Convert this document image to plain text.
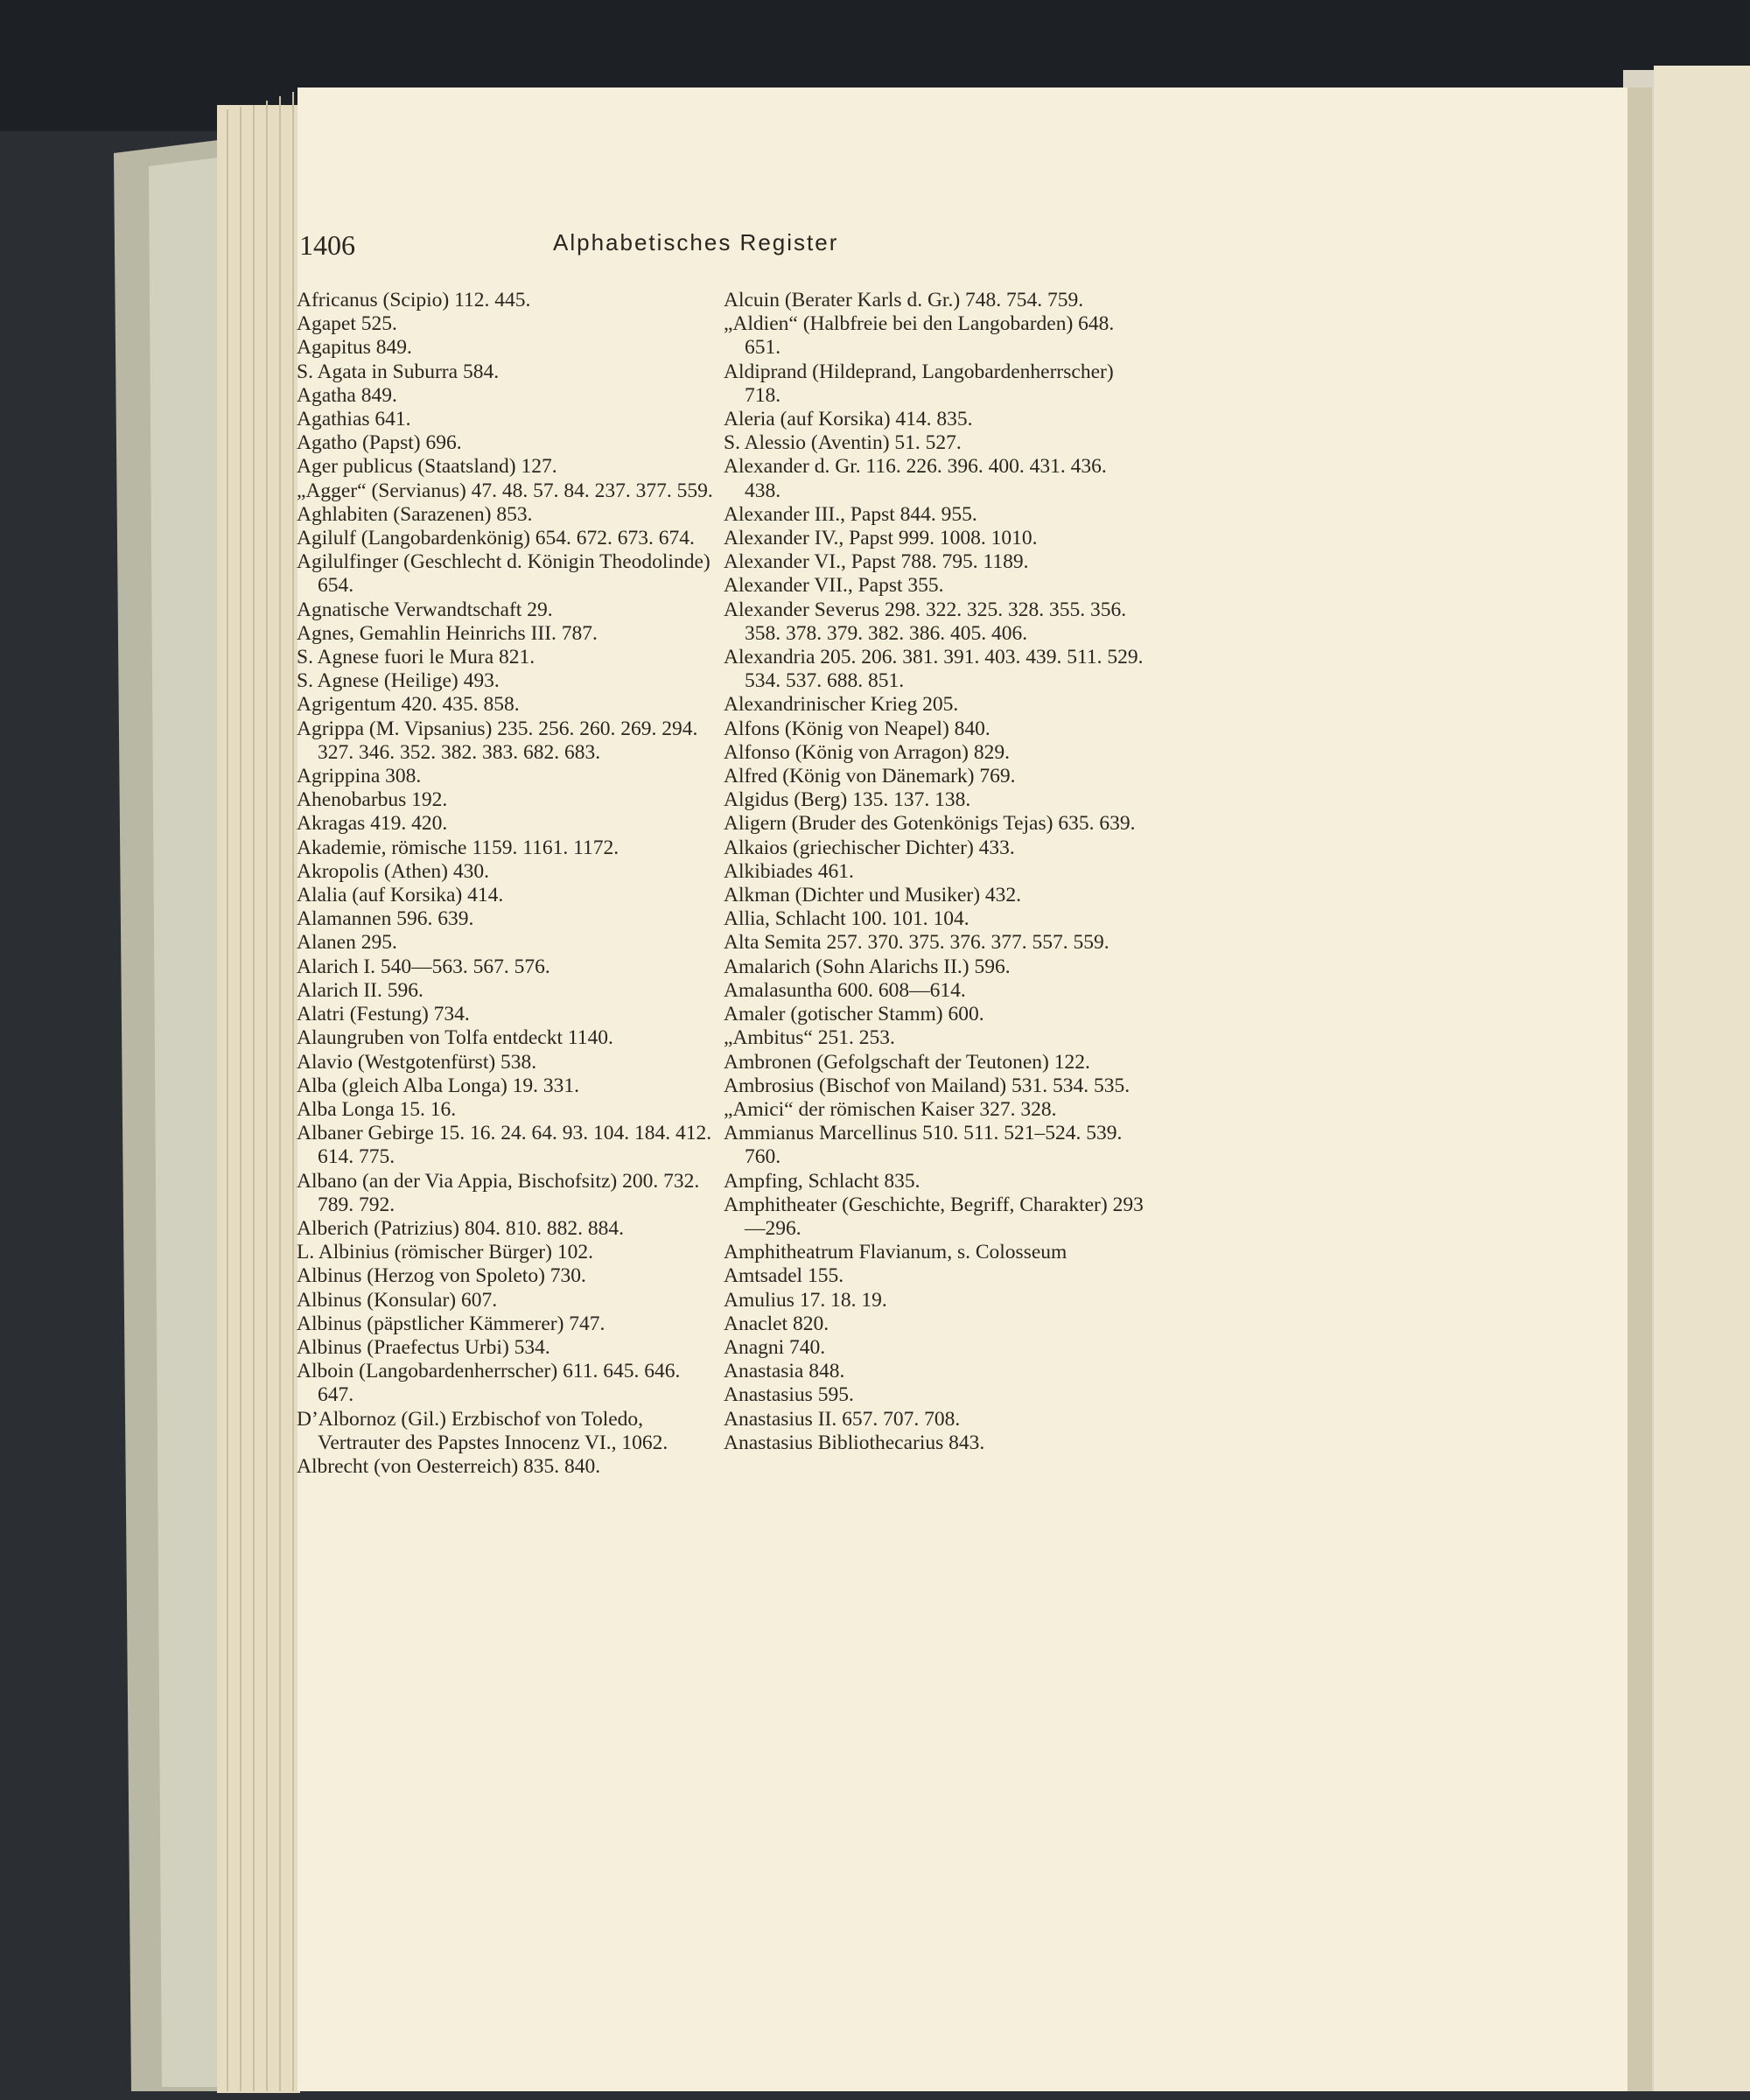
1406	Alphabetisches Register
Africanus (Scipio) 112. 445.
Agapet 525.
Agapitus 849.
S. Agata in Suburra 584.
Agatha 849.
Agathias 641.
Agatho (Papst) 696.
Ager publicus (Staatsland) 127.
„Agger“ (Servianus) 47. 48. 57. 84. 237. 377. 559.
Aghlabiten (Sarazenen) 853.
Agilulf (Langobardenkönig) 654. 672. 673. 674.
Agilulfinger (Geschlecht d. Königin Theodolinde) 654.
Agnatische Verwandtschaft 29.
Agnes, Gemahlin Heinrichs III. 787.
S. Agnese fuori le Mura 821.
S. Agnese (Heilige) 493.
Agrigentum 420. 435. 858.
Agrippa (M. Vipsanius) 235. 256. 260. 269. 294. 327. 346. 352. 382. 383. 682. 683.
Agrippina 308.
Ahenobarbus 192.
Akragas 419. 420.
Akademie, römische 1159. 1161. 1172.
Akropolis (Athen) 430.
Alalia (auf Korsika) 414.
Alamannen 596. 639.
Alanen 295.
Alarich I. 540—563. 567. 576.
Alarich II. 596.
Alatri (Festung) 734.
Alaungruben von Tolfa entdeckt 1140.
Alavio (Westgotenfürst) 538.
Alba (gleich Alba Longa) 19. 331.
Alba Longa 15. 16.
Albaner Gebirge 15. 16. 24. 64. 93. 104. 184. 412. 614. 775.
Albano (an der Via Appia, Bischofsitz) 200. 732. 789. 792.
Alberich (Patrizius) 804. 810. 882. 884.
L. Albinius (römischer Bürger) 102.
Albinus (Herzog von Spoleto) 730.
Albinus (Konsular) 607.
Albinus (päpstlicher Kämmerer) 747.
Albinus (Praefectus Urbi) 534.
Alboin (Langobardenherrscher) 611. 645. 646. 647.
D’Albornoz (Gil.) Erzbischof von Toledo, Vertrauter des Papstes Innocenz VI., 1062.
Albrecht (von Oesterreich) 835. 840.
Alcuin (Berater Karls d. Gr.) 748. 754. 759.
„Aldien“ (Halbfreie bei den Langobarden) 648. 651.
Aldiprand (Hildeprand, Langobardenherrscher) 718.
Aleria (auf Korsika) 414. 835.
S. Alessio (Aventin) 51. 527.
Alexander d. Gr. 116. 226. 396. 400. 431. 436. 438.
Alexander III., Papst 844. 955.
Alexander IV., Papst 999. 1008. 1010.
Alexander VI., Papst 788. 795. 1189.
Alexander VII., Papst 355.
Alexander Severus 298. 322. 325. 328. 355. 356. 358. 378. 379. 382. 386. 405. 406.
Alexandria 205. 206. 381. 391. 403. 439. 511. 529. 534. 537. 688. 851.
Alexandrinischer Krieg 205.
Alfons (König von Neapel) 840.
Alfonso (König von Arragon) 829.
Alfred (König von Dänemark) 769.
Algidus (Berg) 135. 137. 138.
Aligern (Bruder des Gotenkönigs Tejas) 635. 639.
Alkaios (griechischer Dichter) 433.
Alkibiades 461.
Alkman (Dichter und Musiker) 432.
Allia, Schlacht 100. 101. 104.
Alta Semita 257. 370. 375. 376. 377. 557. 559.
Amalarich (Sohn Alarichs II.) 596.
Amalasuntha 600. 608—614.
Amaler (gotischer Stamm) 600.
„Ambitus“ 251. 253.
Ambronen (Gefolgschaft der Teutonen) 122.
Ambrosius (Bischof von Mailand) 531. 534. 535.
„Amici“ der römischen Kaiser 327. 328.
Ammianus Marcellinus 510. 511. 521–524. 539. 760.
Ampfing, Schlacht 835.
Amphitheater (Geschichte, Begriff, Charakter) 293—296.
Amphitheatrum Flavianum, s. Colosseum
Amtsadel 155.
Amulius 17. 18. 19.
Anaclet 820.
Anagni 740.
Anastasia 848.
Anastasius 595.
Anastasius II. 657. 707. 708.
Anastasius Bibliothecarius 843.
